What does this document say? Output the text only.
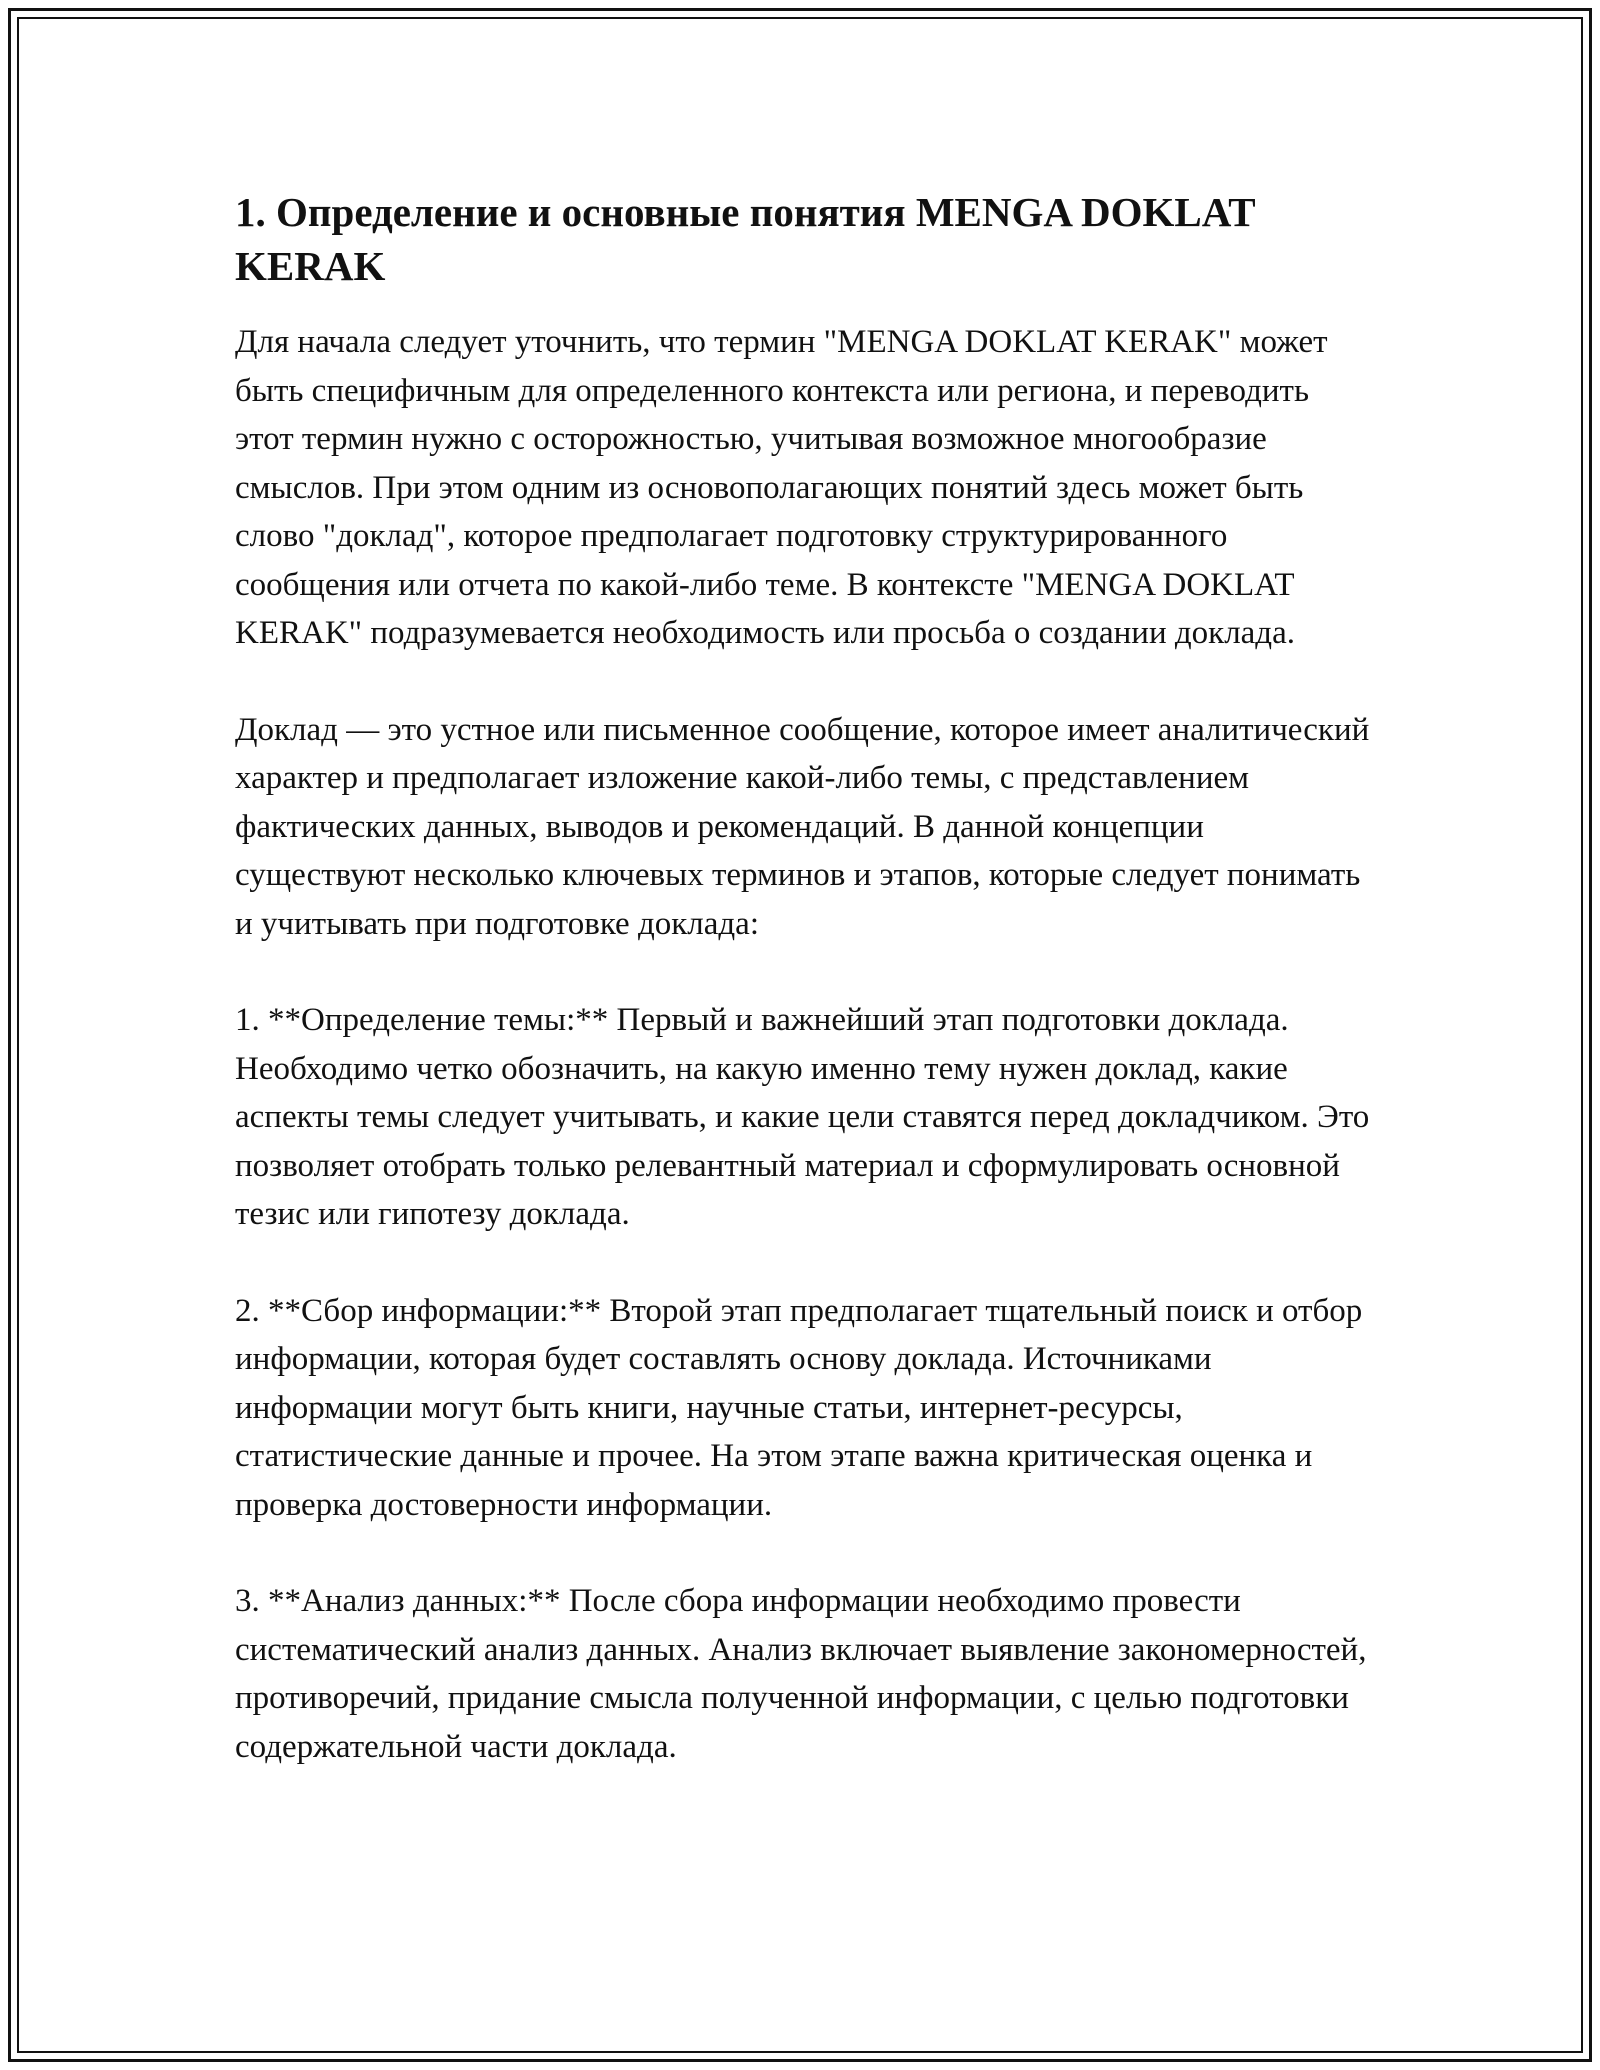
1. Определение и основные понятия MENGA DOKLAT KERAK

Для начала следует уточнить, что термин "MENGA DOKLAT KERAK" может быть специфичным для определенного контекста или региона, и переводить этот термин нужно с осторожностью, учитывая возможное многообразие смыслов. При этом одним из основополагающих понятий здесь может быть слово "доклад", которое предполагает подготовку структурированного сообщения или отчета по какой-либо теме. В контексте "MENGA DOKLAT KERAK" подразумевается необходимость или просьба о создании доклада.

Доклад — это устное или письменное сообщение, которое имеет аналитический характер и предполагает изложение какой-либо темы, с представлением фактических данных, выводов и рекомендаций. В данной концепции существуют несколько ключевых терминов и этапов, которые следует понимать и учитывать при подготовке доклада:

1. **Определение темы:** Первый и важнейший этап подготовки доклада. Необходимо четко обозначить, на какую именно тему нужен доклад, какие аспекты темы следует учитывать, и какие цели ставятся перед докладчиком. Это позволяет отобрать только релевантный материал и сформулировать основной тезис или гипотезу доклада.

2. **Сбор информации:** Второй этап предполагает тщательный поиск и отбор информации, которая будет составлять основу доклада. Источниками информации могут быть книги, научные статьи, интернет-ресурсы, статистические данные и прочее. На этом этапе важна критическая оценка и проверка достоверности информации.

3. **Анализ данных:** После сбора информации необходимо провести систематический анализ данных. Анализ включает выявление закономерностей, противоречий, придание смысла полученной информации, с целью подготовки содержательной части доклада.
